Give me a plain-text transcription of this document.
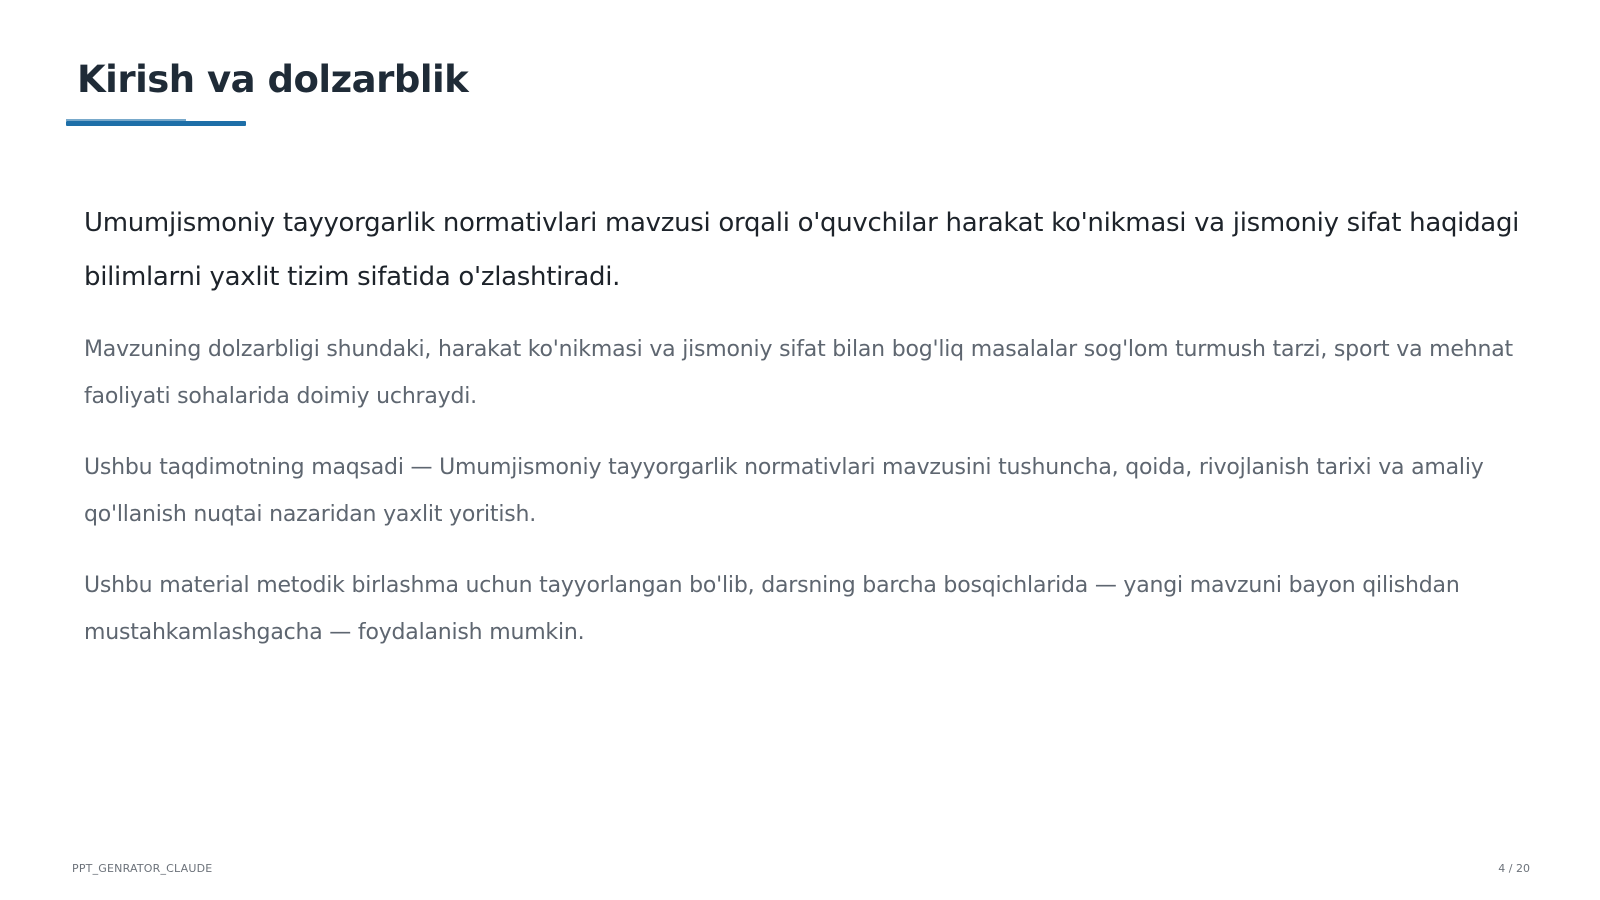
Kirish va dolzarblik

Umumjismoniy tayyorgarlik normativlari mavzusi orqali o'quvchilar harakat ko'nikmasi va jismoniy sifat haqidagi bilimlarni yaxlit tizim sifatida o'zlashtiradi.

Mavzuning dolzarbligi shundaki, harakat ko'nikmasi va jismoniy sifat bilan bog'liq masalalar sog'lom turmush tarzi, sport va mehnat faoliyati sohalarida doimiy uchraydi.

Ushbu taqdimotning maqsadi — Umumjismoniy tayyorgarlik normativlari mavzusini tushuncha, qoida, rivojlanish tarixi va amaliy qo'llanish nuqtai nazaridan yaxlit yoritish.

Ushbu material metodik birlashma uchun tayyorlangan bo'lib, darsning barcha bosqichlarida — yangi mavzuni bayon qilishdan mustahkamlashgacha — foydalanish mumkin.

PPT_GENRATOR_CLAUDE	4 / 20
